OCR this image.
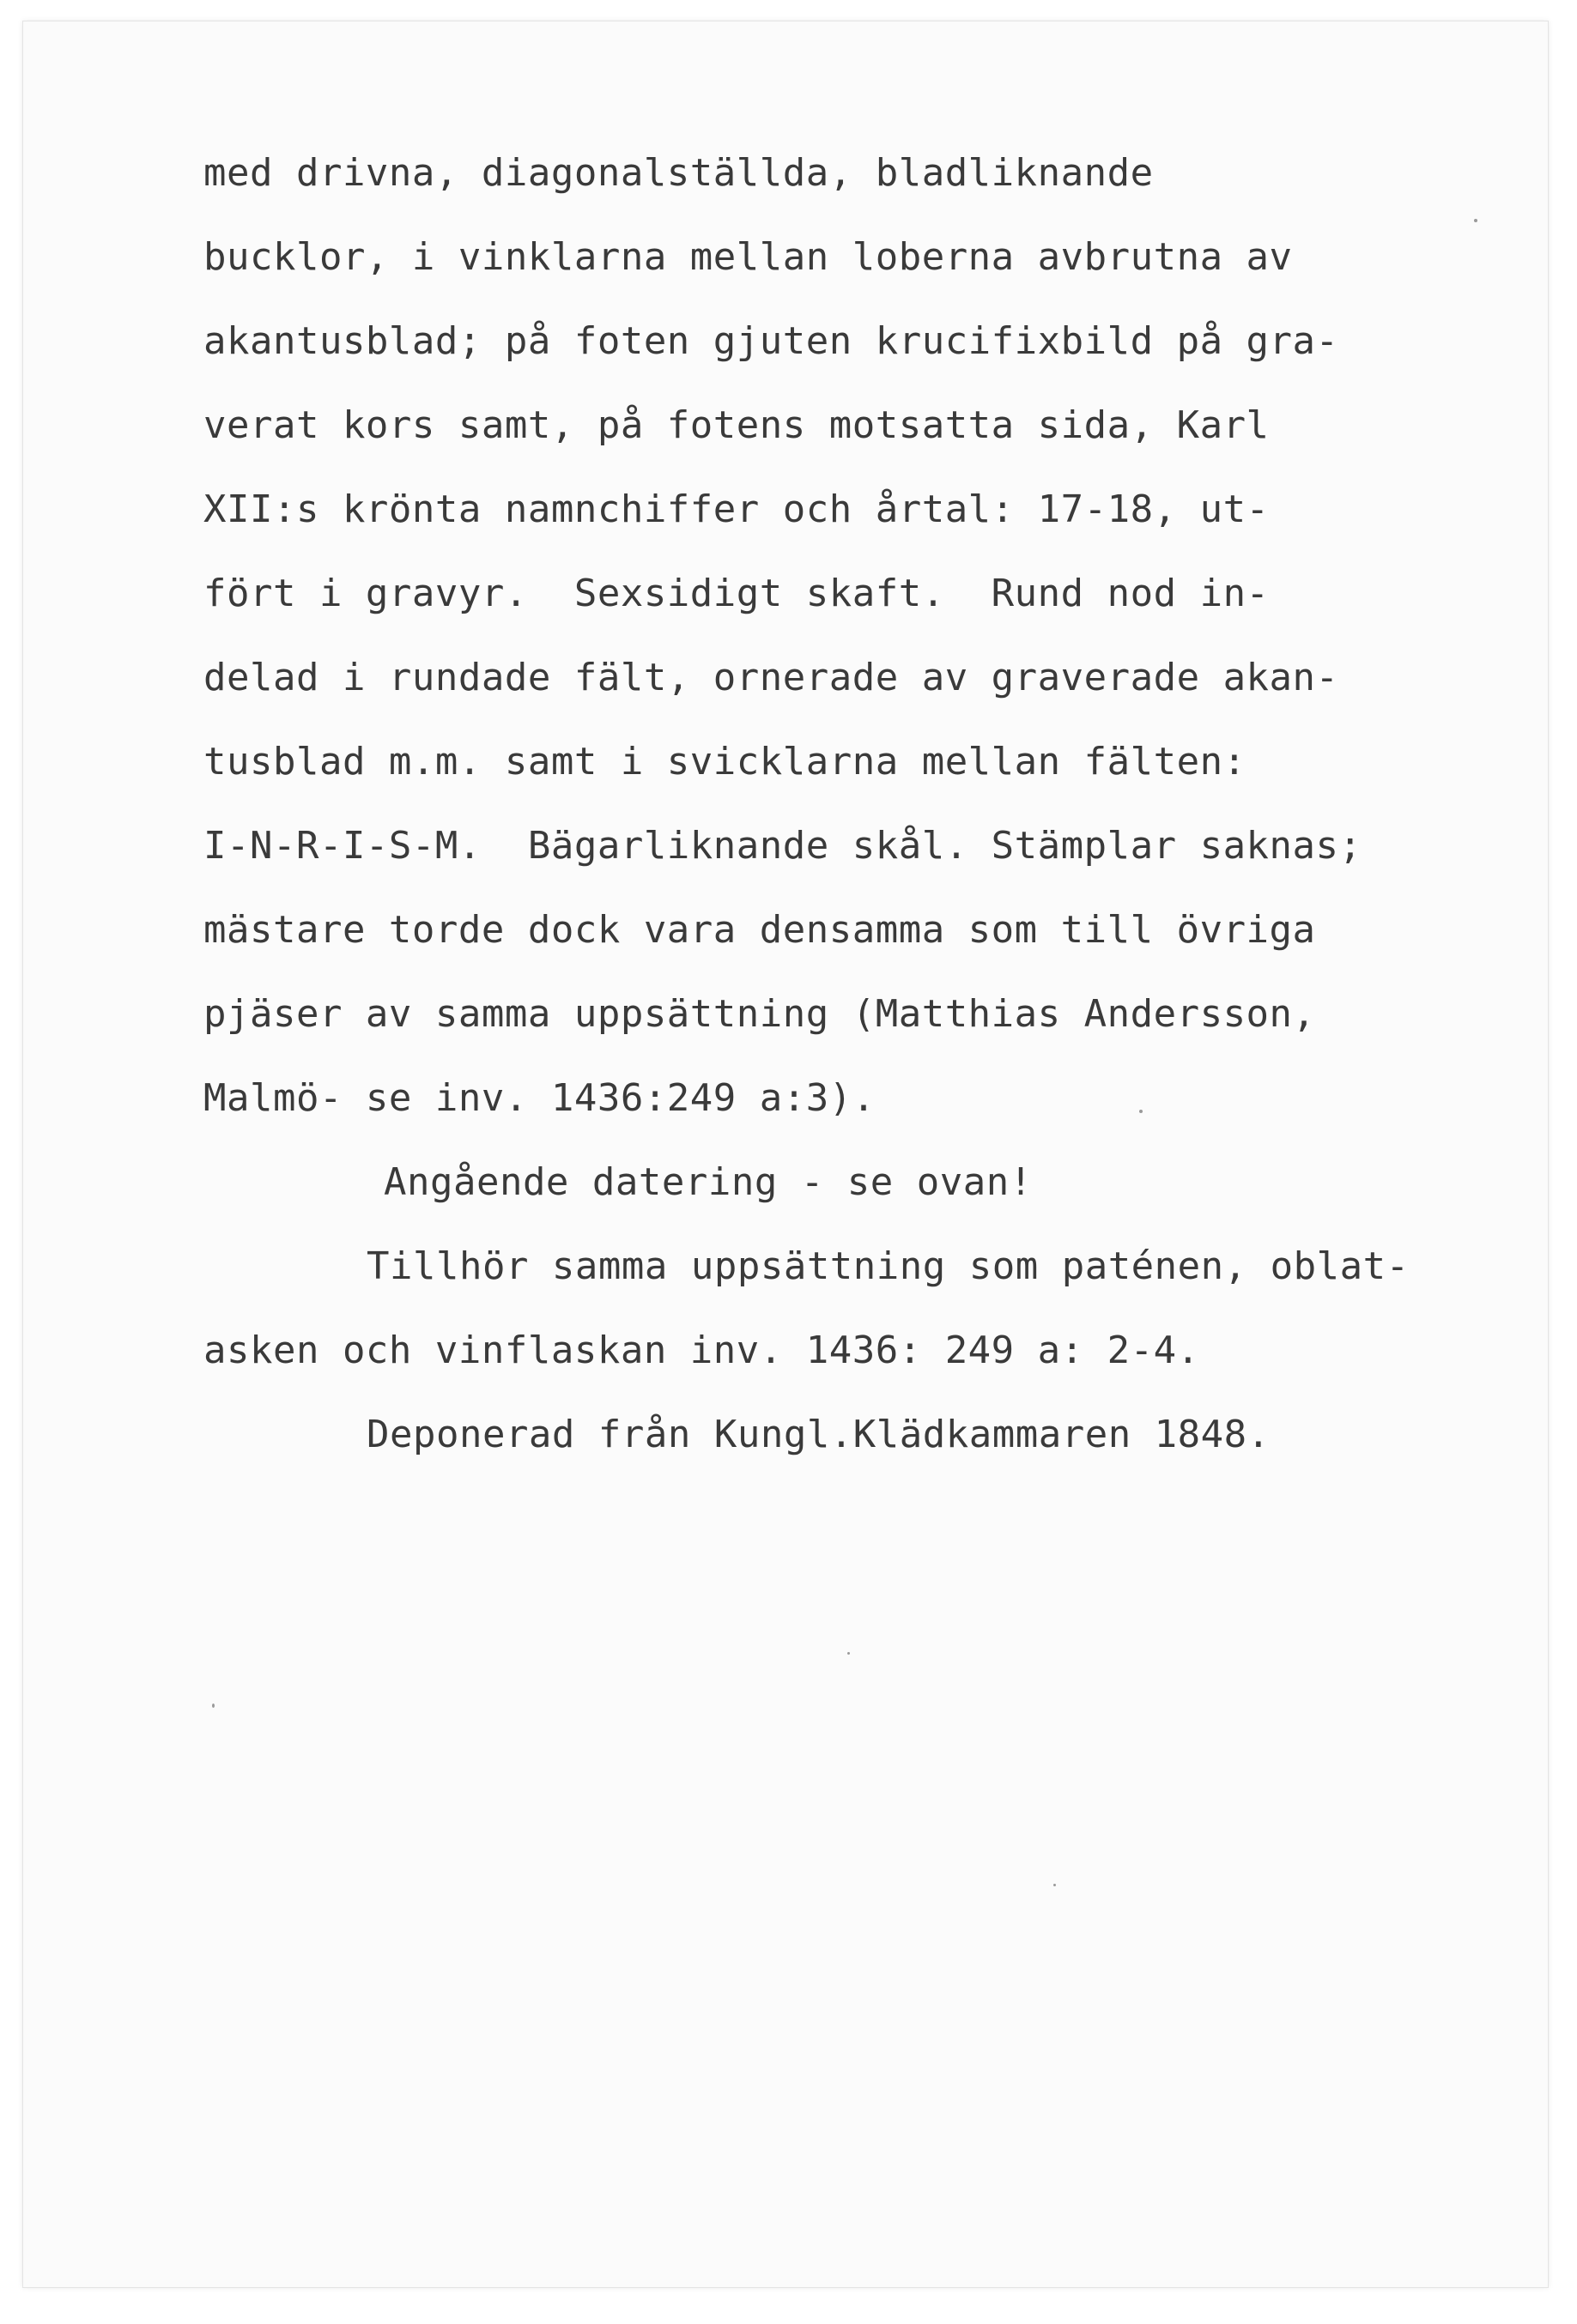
med drivna, diagonalställda, bladliknande
bucklor, i vinklarna mellan loberna avbrutna av
akantusblad; på foten gjuten krucifixbild på gra-
verat kors samt, på fotens motsatta sida, Karl
XII:s krönta namnchiffer och årtal: 17-18, ut-
fört i gravyr.  Sexsidigt skaft.  Rund nod in-
delad i rundade fält, ornerade av graverade akan-
tusblad m.m. samt i svicklarna mellan fälten:
I-N-R-I-S-M.  Bägarliknande skål. Stämplar saknas;
mästare torde dock vara densamma som till övriga
pjäser av samma uppsättning (Matthias Andersson,
Malmö- se inv. 1436:249 a:3).
Angående datering - se ovan!
Tillhör samma uppsättning som paténen, oblat-
asken och vinflaskan inv. 1436: 249 a: 2-4.
Deponerad från Kungl.Klädkammaren 1848.
